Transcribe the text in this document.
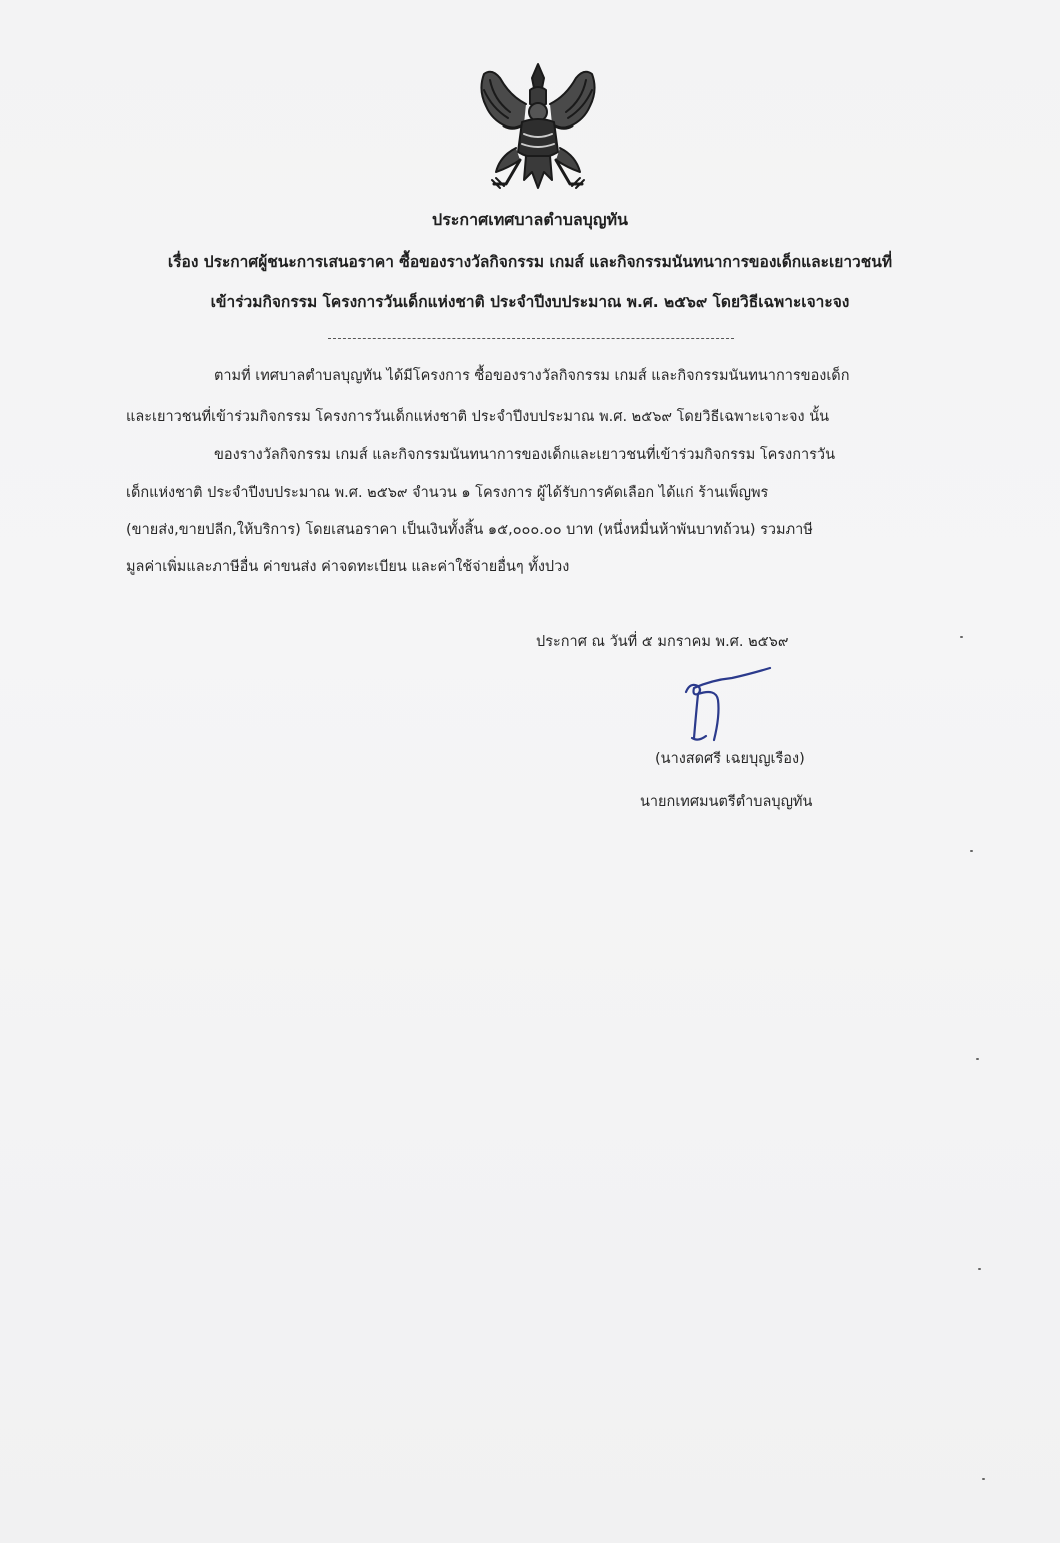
ประกาศเทศบาลตำบลบุญทัน
เรื่อง ประกาศผู้ชนะการเสนอราคา ซื้อของรางวัลกิจกรรม เกมส์ และกิจกรรมนันทนาการของเด็กและเยาวชนที่
เข้าร่วมกิจกรรม โครงการวันเด็กแห่งชาติ ประจำปีงบประมาณ พ.ศ. ๒๕๖๙ โดยวิธีเฉพาะเจาะจง
ตามที่ เทศบาลตำบลบุญทัน ได้มีโครงการ ซื้อของรางวัลกิจกรรม เกมส์ และกิจกรรมนันทนาการของเด็ก
และเยาวชนที่เข้าร่วมกิจกรรม โครงการวันเด็กแห่งชาติ ประจำปีงบประมาณ พ.ศ. ๒๕๖๙ โดยวิธีเฉพาะเจาะจง นั้น
ของรางวัลกิจกรรม เกมส์ และกิจกรรมนันทนาการของเด็กและเยาวชนที่เข้าร่วมกิจกรรม โครงการวัน
เด็กแห่งชาติ ประจำปีงบประมาณ พ.ศ. ๒๕๖๙ จำนวน ๑ โครงการ ผู้ได้รับการคัดเลือก ได้แก่ ร้านเพ็ญพร
(ขายส่ง,ขายปลีก,ให้บริการ) โดยเสนอราคา เป็นเงินทั้งสิ้น ๑๕,๐๐๐.๐๐ บาท (หนึ่งหมื่นห้าพันบาทถ้วน) รวมภาษี
มูลค่าเพิ่มและภาษีอื่น ค่าขนส่ง ค่าจดทะเบียน และค่าใช้จ่ายอื่นๆ ทั้งปวง
ประกาศ ณ วันที่ ๕ มกราคม พ.ศ. ๒๕๖๙
(นางสดศรี เฉยบุญเรือง)
นายกเทศมนตรีตำบลบุญทัน
